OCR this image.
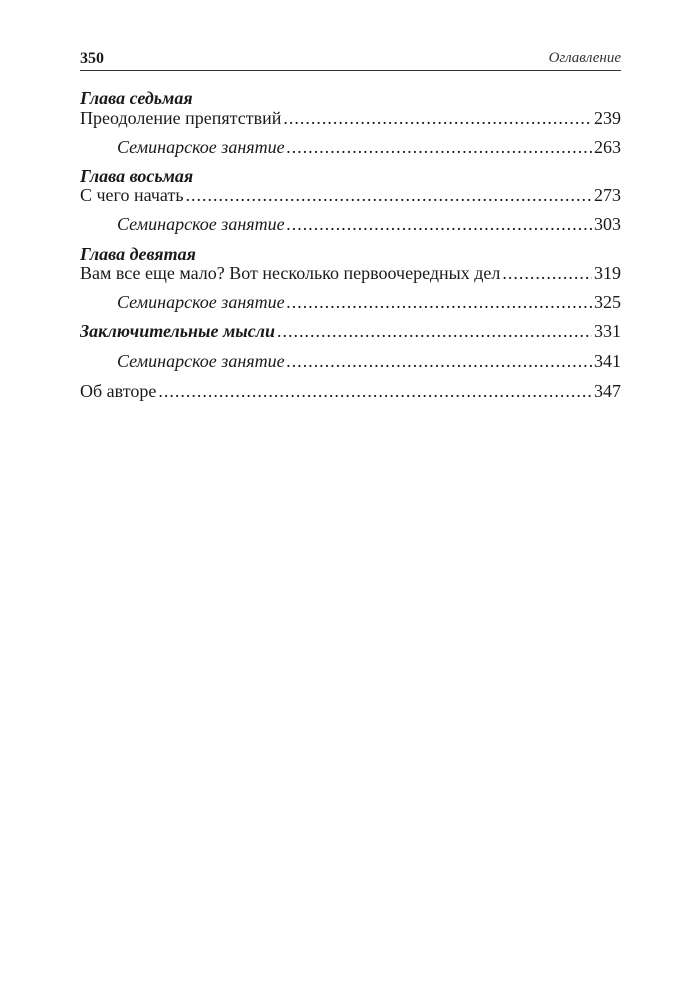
350	Оглавление
Глава седьмая
Преодоление препятствий .....	239
Семинарское занятие .....	263
Глава восьмая
С чего начать .....	273
Семинарское занятие .....	303
Глава девятая
Вам все еще мало? Вот несколько первоочередных дел .....	319
Семинарское занятие .....	325
Заключительные мысли .....	331
Семинарское занятие .....	341
Об авторе .....	347
